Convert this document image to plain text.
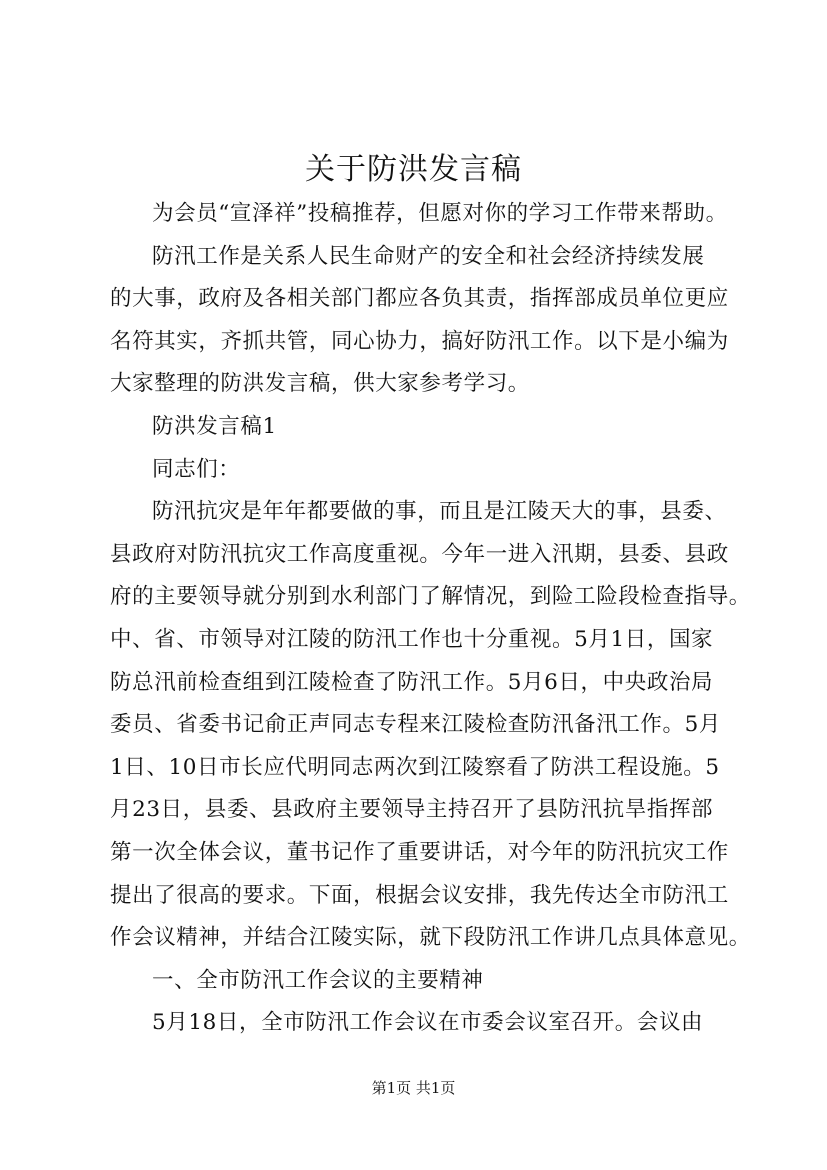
关于防洪发言稿
为会员“宣泽祥”投稿推荐，但愿对你的学习工作带来帮助。
防汛工作是关系人民生命财产的安全和社会经济持续发展
的大事，政府及各相关部门都应各负其责，指挥部成员单位更应
名符其实，齐抓共管，同心协力，搞好防汛工作。以下是小编为
大家整理的防洪发言稿，供大家参考学习。
防洪发言稿1
同志们：
防汛抗灾是年年都要做的事，而且是江陵天大的事，县委、
县政府对防汛抗灾工作高度重视。今年一进入汛期，县委、县政
府的主要领导就分别到水利部门了解情况，到险工险段检查指导。
中、省、市领导对江陵的防汛工作也十分重视。5月1日，国家
防总汛前检查组到江陵检查了防汛工作。5月6日，中央政治局
委员、省委书记俞正声同志专程来江陵检查防汛备汛工作。5月
1日、10日市长应代明同志两次到江陵察看了防洪工程设施。5
月23日，县委、县政府主要领导主持召开了县防汛抗旱指挥部
第一次全体会议，董书记作了重要讲话，对今年的防汛抗灾工作
提出了很高的要求。下面，根据会议安排，我先传达全市防汛工
作会议精神，并结合江陵实际，就下段防汛工作讲几点具体意见。
一、全市防汛工作会议的主要精神
5月18日，全市防汛工作会议在市委会议室召开。会议由
第1页 共1页
